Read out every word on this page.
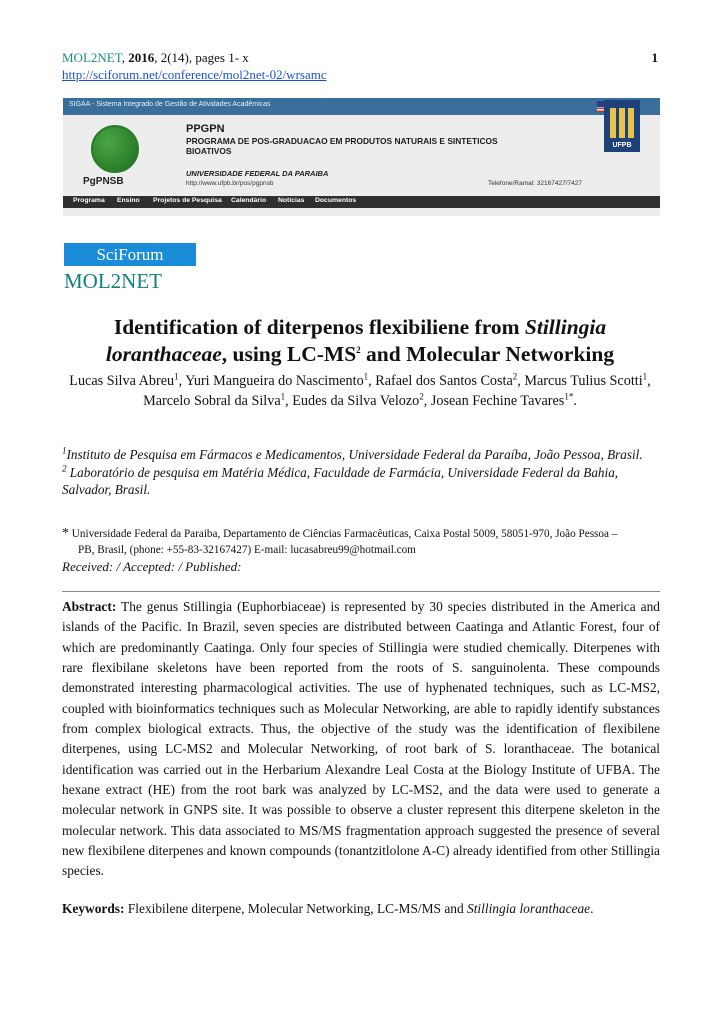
MOL2NET, 2016, 2(14), pages 1- x	1
http://sciforum.net/conference/mol2net-02/wrsamc
SIGAA - Sistema Integrado de Gestão de Atividades Acadêmicas
PgPNSB
PPGPN
PROGRAMA DE POS-GRADUACAO EM PRODUTOS NATURAIS E SINTETICOS BIOATIVOS
UNIVERSIDADE FEDERAL DA PARAIBA
http://www.ufpb.br/pos/pgpnsb	Telefone/Ramal: 32167427/7427
UFPB
Programa Ensino Projetos de Pesquisa Calendário Notícias Documentos
SciForum
MOL2NET
Identification of diterpenos flexibiliene from Stillingia
loranthaceae, using $LC-MS^2$ and Molecular Networking
Lucas Silva Abreu$^1$, Yuri Mangueira do Nascimento$^1$, Rafael dos Santos Costa$^2$, Marcus Tulius Scotti$^1$, Marcelo Sobral da Silva$^1$, Eudes da Silva Velozo$^2$, Josean Fechine Tavares$^{1*}$.
$^1$Instituto de Pesquisa em Fármacos e Medicamentos, Universidade Federal da Paraíba, João Pessoa, Brasil.
$^2$ Laboratório de pesquisa em Matéria Médica, Faculdade de Farmácia, Universidade Federal da Bahia, Salvador, Brasil.
* Universidade Federal da Paraiba, Departamento de Ciências Farmacêuticas, Caixa Postal 5009, 58051-970, João Pessoa –
PB, Brasil, (phone: +55-83-32167427) E-mail: lucasabreu99@hotmail.com
Received: / Accepted: / Published:
Abstract: The genus Stillingia (Euphorbiaceae) is represented by 30 species distributed in the America and islands of the Pacific. In Brazil, seven species are distributed between Caatinga and Atlantic Forest, four of which are predominantly Caatinga. Only four species of Stillingia were studied chemically. Diterpenes with rare flexibilane skeletons have been reported from the roots of S. sanguinolenta. These compounds demonstrated interesting pharmacological activities. The use of hyphenated techniques, such as LC-MS2, coupled with bioinformatics techniques such as Molecular Networking, are able to rapidly identify substances from complex biological extracts. Thus, the objective of the study was the identification of flexibilene diterpenes, using LC-MS2 and Molecular Networking, of root bark of S. loranthaceae. The botanical identification was carried out in the Herbarium Alexandre Leal Costa at the Biology Institute of UFBA. The hexane extract (HE) from the root bark was analyzed by LC-MS2, and the data were used to generate a molecular network in GNPS site. It was possible to observe a cluster represent this diterpene skeleton in the molecular network. This data associated to MS/MS fragmentation approach suggested the presence of several new flexibilene diterpenes and known compounds (tonantzitlolone A-C) already identified from other Stillingia species.
Keywords: Flexibilene diterpene, Molecular Networking, LC-MS/MS and Stillingia loranthaceae.
